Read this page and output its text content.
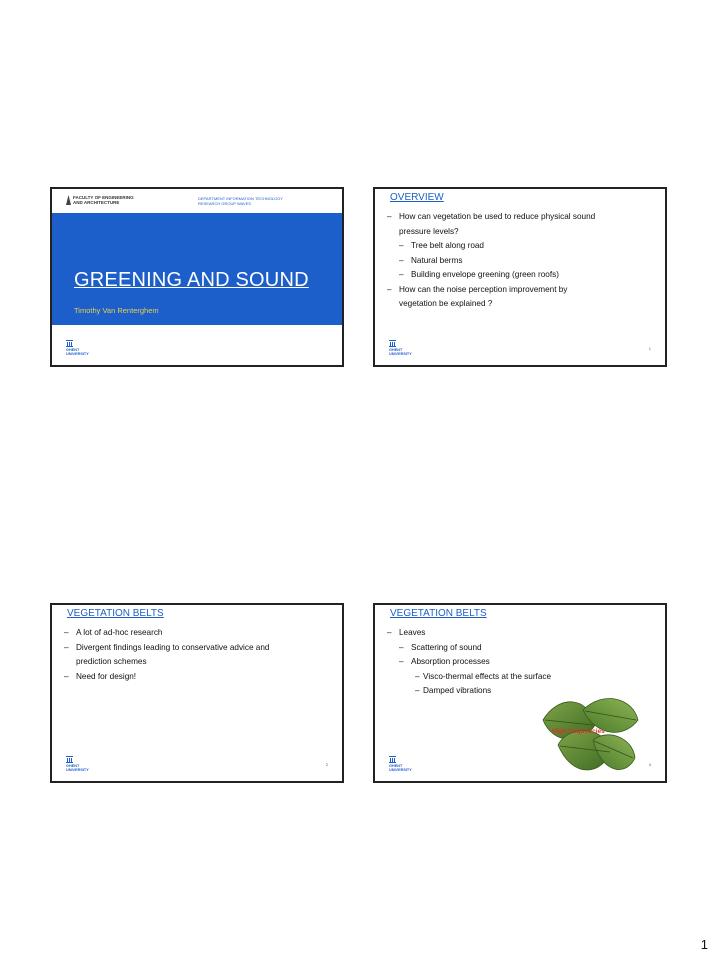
FACULTY OF ENGINEERING
AND ARCHITECTURE
DEPARTMENT INFORMATION TECHNOLOGY
RESEARCH GROUP WAVES
GREENING AND SOUND
Timothy Van Renterghem
GHENT
UNIVERSITY
OVERVIEW
– How can vegetation be used to reduce physical sound
pressure levels?
– Tree belt along road
– Natural berms
– Building envelope greening (green roofs)
– How can the noise perception improvement by
vegetation be explained ?
GHENT
UNIVERSITY
1
VEGETATION BELTS
– A lot of ad-hoc research
– Divergent findings leading to conservative advice and
prediction schemes
– Need for design!
GHENT
UNIVERSITY
2
VEGETATION BELTS
– Leaves
– Scattering of sound
– Absorption processes
– Visco-thermal effects at the surface
– Damped vibrations
High frequencies
GHENT
UNIVERSITY
4
1
